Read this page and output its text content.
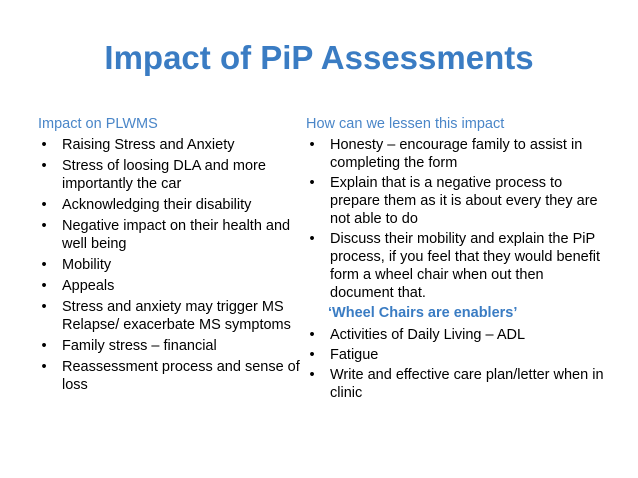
Impact of PiP Assessments
Impact on PLWMS
• Raising Stress and Anxiety
• Stress of loosing DLA and more importantly the car
• Acknowledging their disability
• Negative impact on their health and well being
• Mobility
• Appeals
• Stress and anxiety may trigger MS Relapse/ exacerbate MS symptoms
• Family stress – financial
• Reassessment process and sense of loss
How can we lessen this impact
• Honesty – encourage family to assist in completing the form
• Explain that is a negative process to prepare them as it is about every they are not able to do
• Discuss their mobility and explain the PiP process, if you feel that they would benefit form a wheel chair when out then document that.
‘Wheel Chairs are enablers’
• Activities of Daily Living – ADL
• Fatigue
• Write and effective care plan/letter when in clinic
